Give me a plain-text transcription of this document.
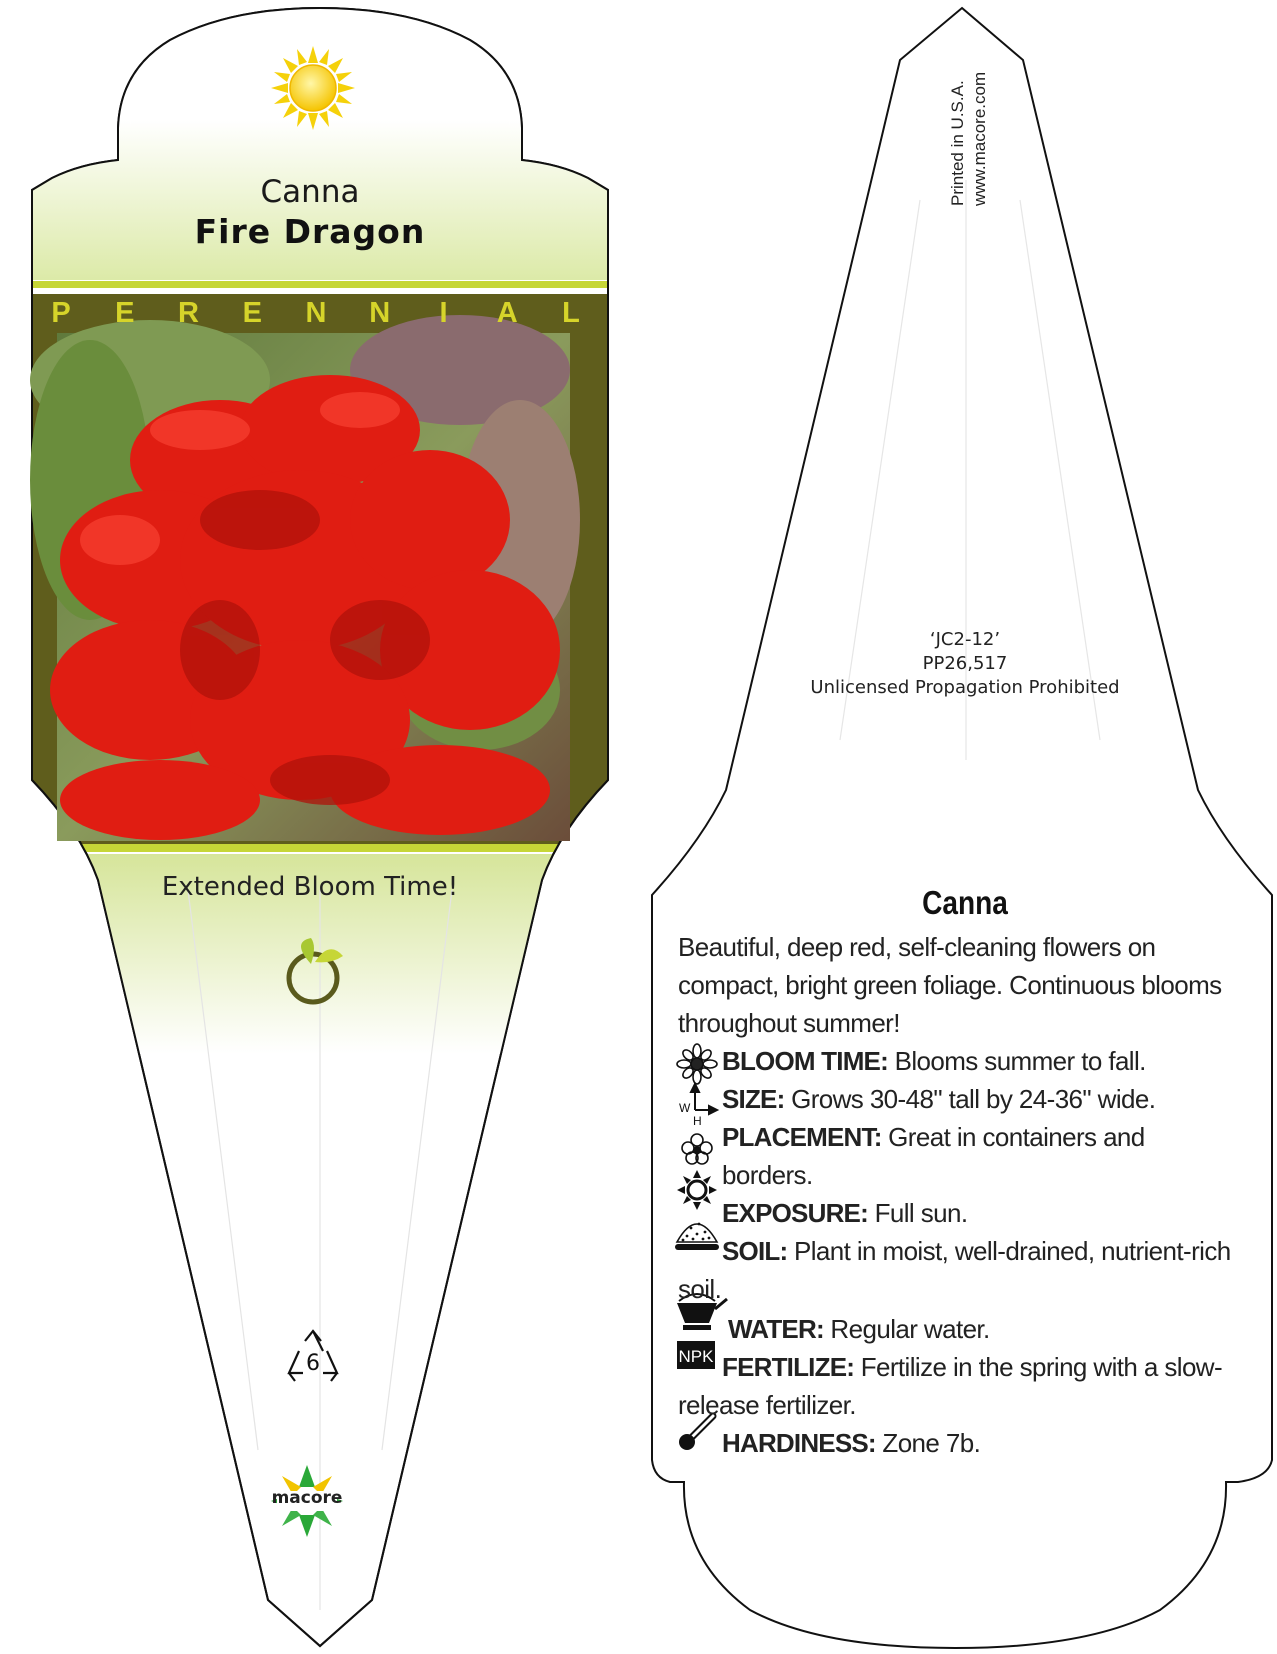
W
H
NPK
Canna
Fire Dragon
P E R E N N	I	A L
Extended Bloom Time!
6
macore
Printed in U.S.A. www.macore.com
‘JC2-12’
PP26,517
Unlicensed Propagation Prohibited
Canna

Beautiful, deep red, self-cleaning flowers on compact, bright green foliage. Continuous blooms throughout summer!

BLOOM TIME: Blooms summer to fall.
SIZE: Grows 30-48" tall by 24-36" wide.
PLACEMENT: Great in containers and borders.
EXPOSURE: Full sun.
SOIL: Plant in moist, well-drained, nutrient-rich soil.
WATER: Regular water.
FERTILIZE: Fertilize in the spring with a slow-release fertilizer.
HARDINESS: Zone 7b.
